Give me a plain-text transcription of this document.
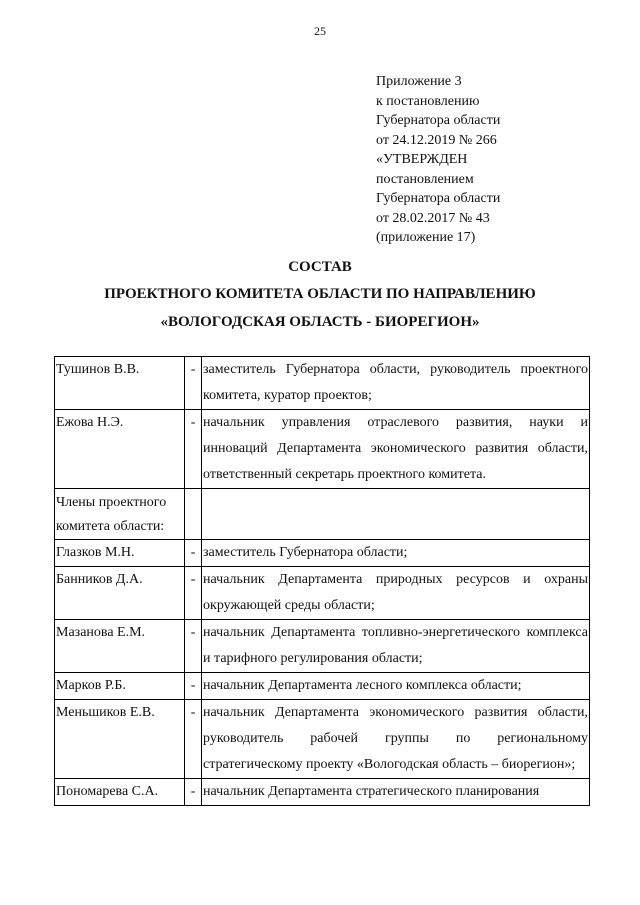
25
Приложение 3
к постановлению
Губернатора области
от 24.12.2019 № 266
«УТВЕРЖДЕН
постановлением
Губернатора области
от 28.02.2017 № 43
(приложение 17)
СОСТАВ
ПРОЕКТНОГО КОМИТЕТА ОБЛАСТИ ПО НАПРАВЛЕНИЮ
«ВОЛОГОДСКАЯ ОБЛАСТЬ - БИОРЕГИОН»
Тушинов В.В.	-	заместитель Губернатора области, руководитель проектного комитета, куратор проектов;
Ежова Н.Э.	-	начальник управления отраслевого развития, науки и инноваций Департамента экономического развития области, ответственный секретарь проектного комитета.
Члены проектного комитета области:		
Глазков М.Н.	-	заместитель Губернатора области;
Банников Д.А.	-	начальник Департамента природных ресурсов и охраны окружающей среды области;
Мазанова Е.М.	-	начальник Департамента топливно-энергетического комплекса и тарифного регулирования области;
Марков Р.Б.	-	начальник Департамента лесного комплекса области;
Меньшиков Е.В.	-	начальник Департамента экономического развития области, руководитель рабочей группы по региональному стратегическому проекту «Вологодская область – биорегион»;
Пономарева С.А.	-	начальник Департамента стратегического планирования
